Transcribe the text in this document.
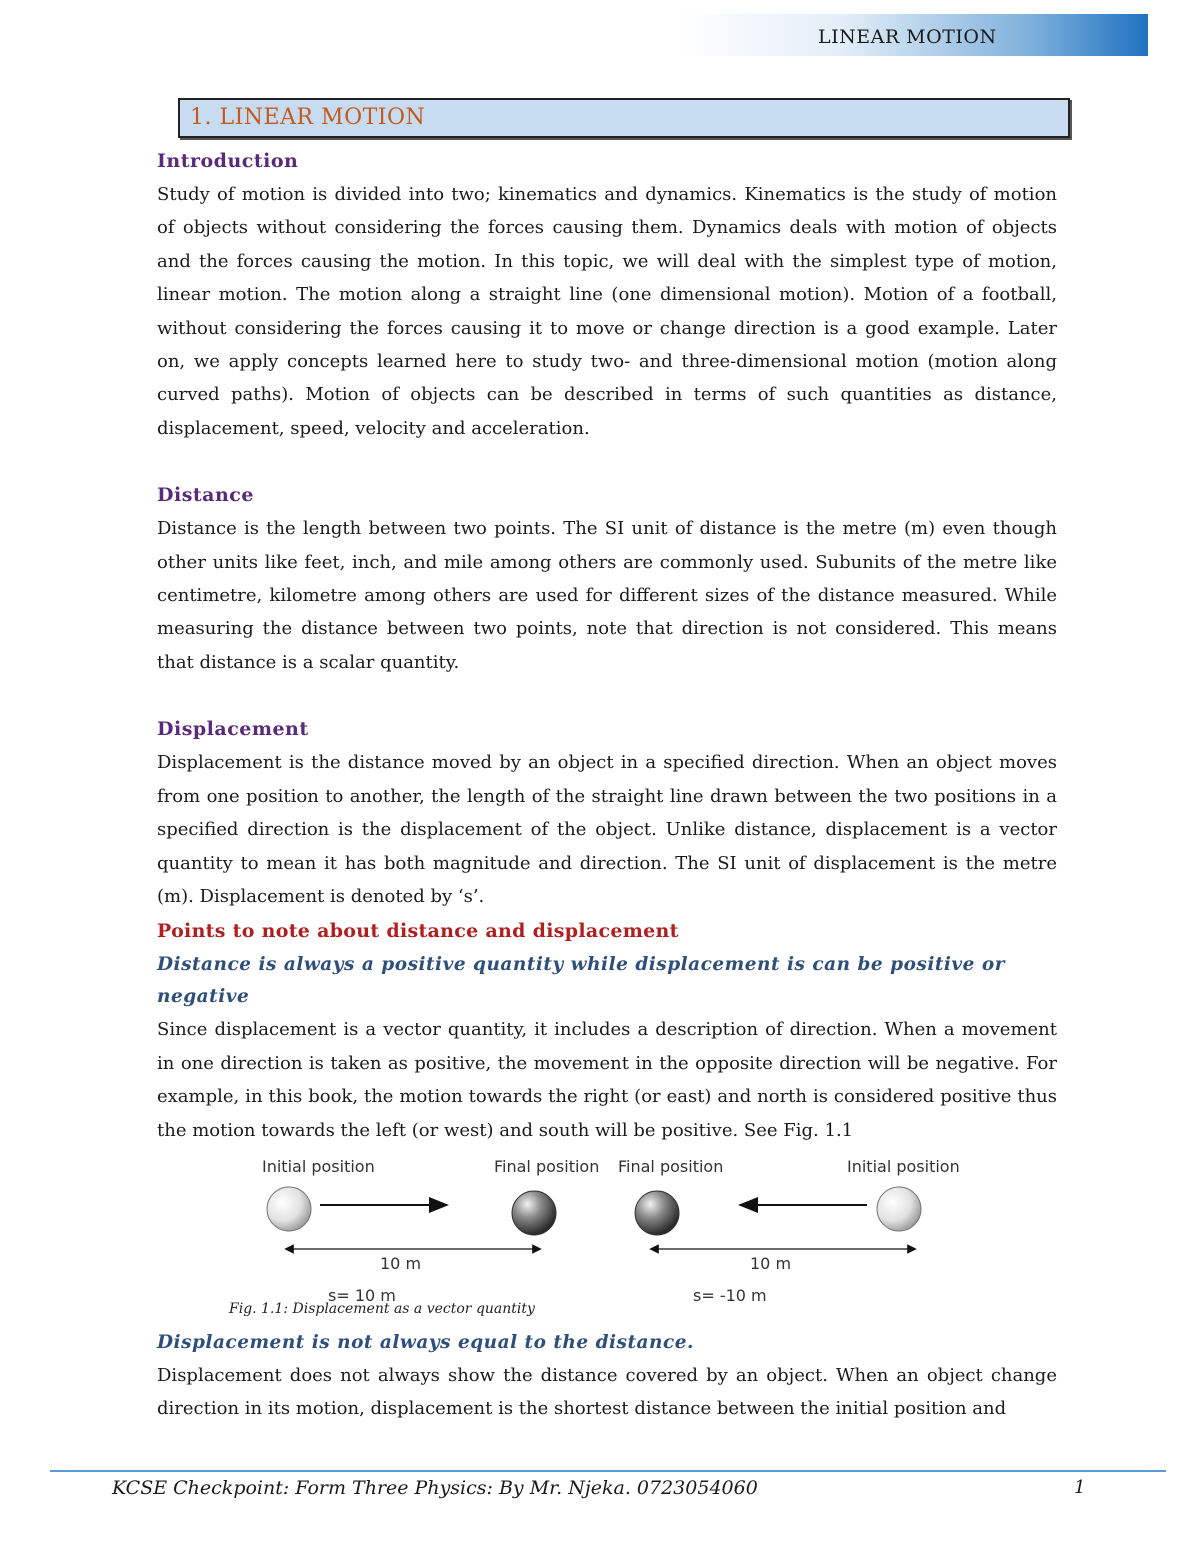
LINEAR MOTION
1. LINEAR MOTION
Introduction

Study of motion is divided into two; kinematics and dynamics. Kinematics is the study of motion of objects without considering the forces causing them. Dynamics deals with motion of objects and the forces causing the motion. In this topic, we will deal with the simplest type of motion, linear motion. The motion along a straight line (one dimensional motion). Motion of a football, without considering the forces causing it to move or change direction is a good example. Later on, we apply concepts learned here to study two- and three-dimensional motion (motion along curved paths). Motion of objects can be described in terms of such quantities as distance, displacement, speed, velocity and acceleration.

Distance

Distance is the length between two points. The SI unit of distance is the metre (m) even though other units like feet, inch, and mile among others are commonly used. Subunits of the metre like centimetre, kilometre among others are used for different sizes of the distance measured. While measuring the distance between two points, note that direction is not considered. This means that distance is a scalar quantity.

Displacement

Displacement is the distance moved by an object in a specified direction. When an object moves from one position to another, the length of the straight line drawn between the two positions in a specified direction is the displacement of the object. Unlike distance, displacement is a vector quantity to mean it has both magnitude and direction. The SI unit of displacement is the metre (m). Displacement is denoted by ‘s’.

Points to note about distance and displacement
Distance is always a positive quantity while displacement is can be positive or negative

Since displacement is a vector quantity, it includes a description of direction. When a movement in one direction is taken as positive, the movement in the opposite direction will be negative. For example, in this book, the motion towards the right (or east) and north is considered positive thus the motion towards the left (or west) and south will be positive. See Fig. 1.1

Initial position	Final position
10 m
s= 10 m
Final position	Initial position
10 m
s= -10 m
Fig. 1.1: Displacement as a vector quantity
Displacement is not always equal to the distance.

Displacement does not always show the distance covered by an object. When an object change direction in its motion, displacement is the shortest distance between the initial position and

KCSE Checkpoint: Form Three Physics: By Mr. Njeka. 0723054060	1
